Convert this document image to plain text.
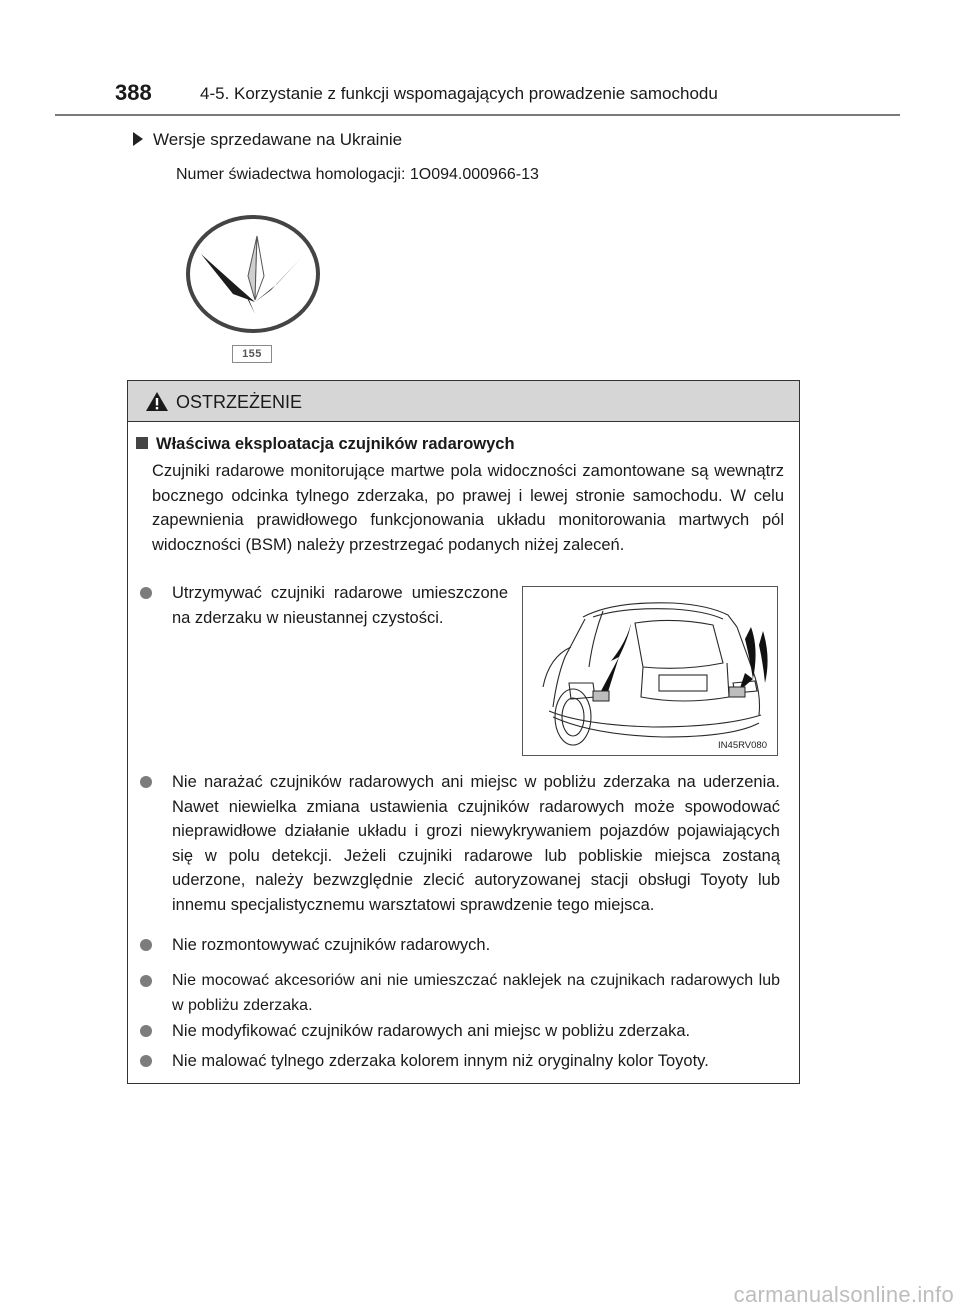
388	4-5. Korzystanie z funkcji wspomagających prowadzenie samochodu
Wersje sprzedawane na Ukrainie
Numer świadectwa homologacji: 1O094.000966-13
155
OSTRZEŻENIE
Właściwa eksploatacja czujników radarowych
Czujniki radarowe monitorujące martwe pola widoczności zamontowane są wewnątrz bocznego odcinka tylnego zderzaka, po prawej i lewej stronie samochodu. W celu zapewnienia prawidłowego funkcjonowania układu monitorowania martwych pól widoczności (BSM) należy przestrzegać podanych niżej zaleceń.
Utrzymywać czujniki radarowe umieszczone na zderzaku w nieustannej czystości.
IN45RV080
Nie narażać czujników radarowych ani miejsc w pobliżu zderzaka na uderzenia. Nawet niewielka zmiana ustawienia czujników radarowych może spowodować nieprawidłowe działanie układu i grozi niewykrywaniem pojazdów pojawiających się w polu detekcji. Jeżeli czujniki radarowe lub pobliskie miejsca zostaną uderzone, należy bezwzględnie zlecić autoryzowanej stacji obsługi Toyoty lub innemu specjalistycznemu warsztatowi sprawdzenie tego miejsca.
Nie rozmontowywać czujników radarowych.
Nie mocować akcesoriów ani nie umieszczać naklejek na czujnikach radarowych lub w pobliżu zderzaka.
Nie modyfikować czujników radarowych ani miejsc w pobliżu zderzaka.
Nie malować tylnego zderzaka kolorem innym niż oryginalny kolor Toyoty.
carmanualsonline.info
